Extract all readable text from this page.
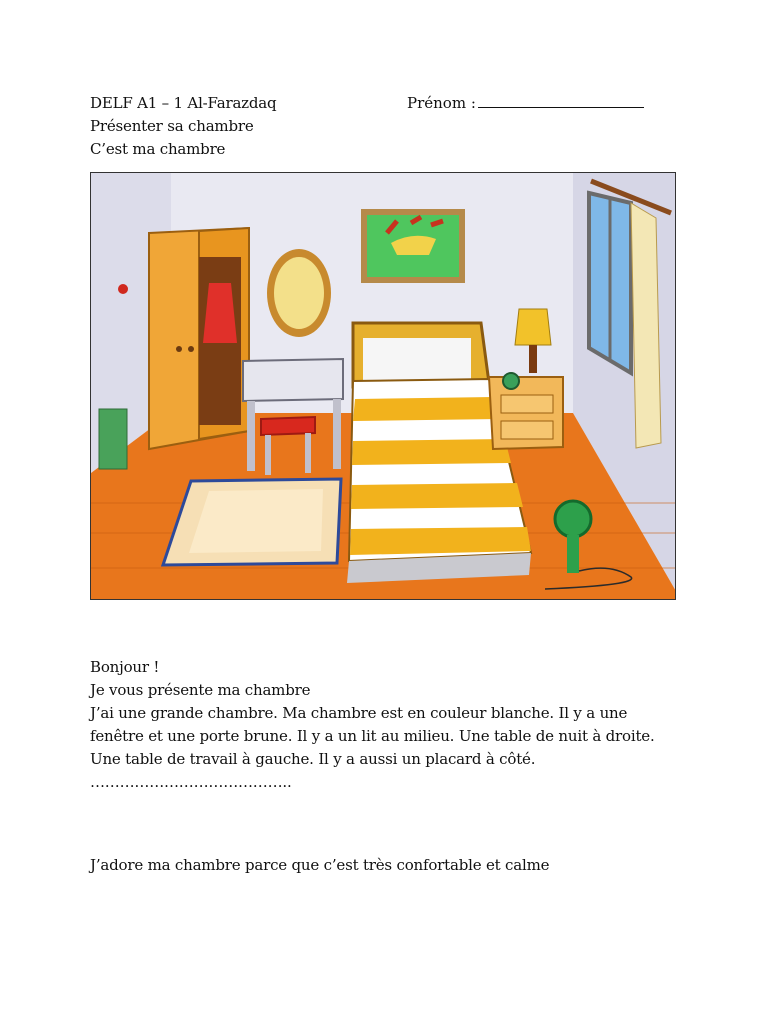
DELF A1 – 1 Al-Farazdaq	Prénom :
Présenter sa chambre
C’est ma chambre
Bonjour !
Je vous présente ma chambre
J’ai une grande chambre. Ma chambre est en couleur blanche. Il y a une
fenêtre et une porte brune. Il y a un lit au milieu. Une table de nuit à droite.
Une table de travail à gauche. Il y a aussi un placard à côté.
…………………………………..
J’adore ma chambre parce que c’est très confortable et calme
